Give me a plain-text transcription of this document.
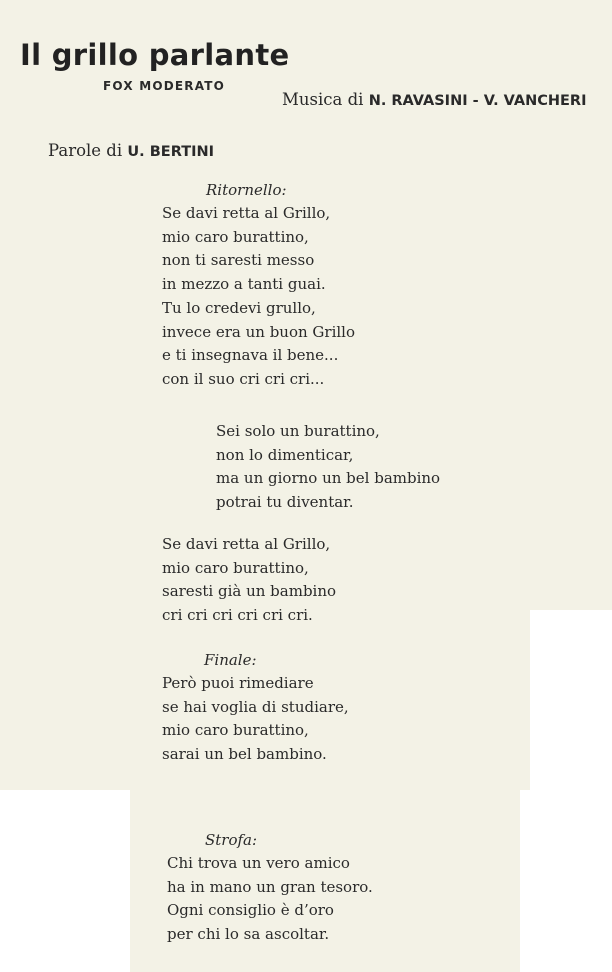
Il grillo parlante
FOX MODERATO
Musica di N. RAVASINI - V. VANCHERI
Parole di U. BERTINI
Ritornello:
Se davi retta al Grillo,
mio caro burattino,
non ti saresti messo
in mezzo a tanti guai.
Tu lo credevi grullo,
invece era un buon Grillo
e ti insegnava il bene...
con il suo cri cri cri...
Sei solo un burattino,
non lo dimenticar,
ma un giorno un bel bambino
potrai tu diventar.
Se davi retta al Grillo,
mio caro burattino,
saresti già un bambino
cri cri cri cri cri cri.
Finale:
Però puoi rimediare
se hai voglia di studiare,
mio caro burattino,
sarai un bel bambino.
Strofa:
Chi trova un vero amico
ha in mano un gran tesoro.
Ogni consiglio è d’oro
per chi lo sa ascoltar.
